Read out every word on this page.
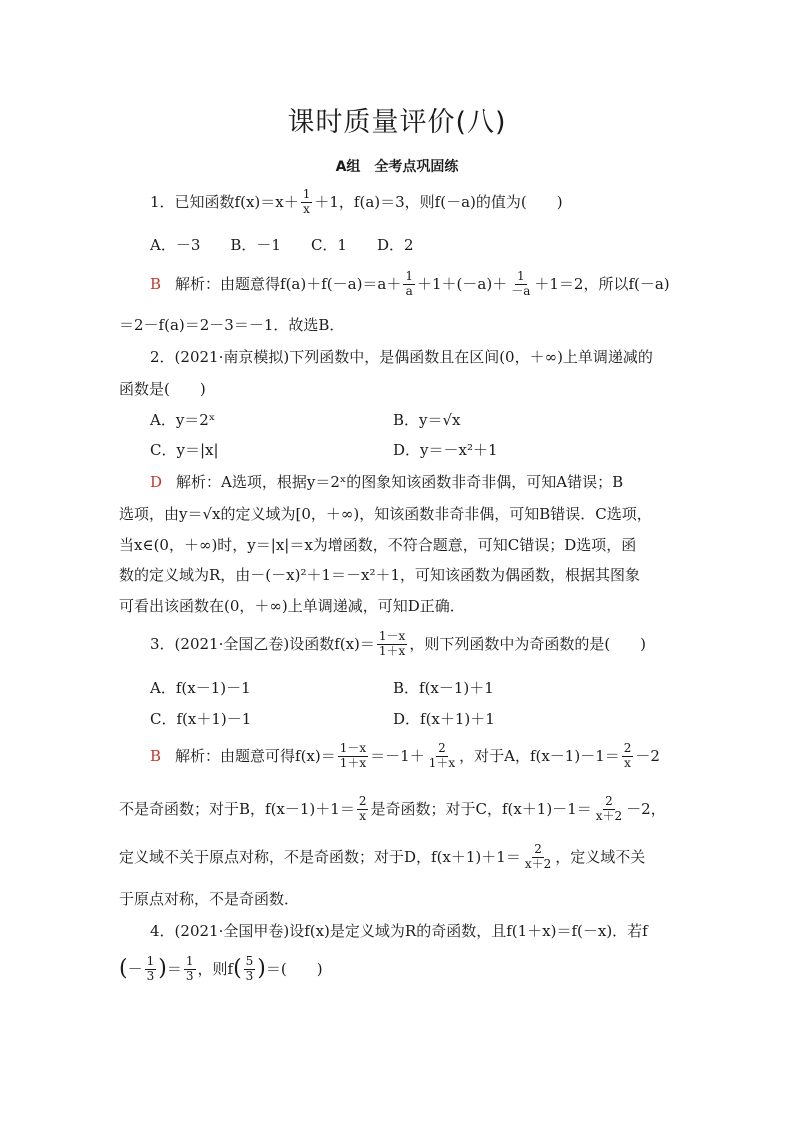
课时质量评价(八)
A组　全考点巩固练
1．已知函数$f(x)=x+ \frac{1}{x} +1$，f(a)＝3，则f(－a)的值为(　　)
A．－3　　B．－1　　C．1　　D．2
B 解析：由题意得$f(a)+f(-a)=a+ \frac{1}{a} +1+(-a)+ \frac{1}{-a} +1=2$，所以f(－a)
＝2－f(a)＝2－3＝－1．故选B．
2．(2021·南京模拟)下列函数中，是偶函数且在区间(0，＋∞)上单调递减的
函数是(　　)
A．y＝2ˣ	B．y＝√x
C．y＝|x|	D．y＝－x²＋1
D 解析：A选项，根据y＝2ˣ的图象知该函数非奇非偶，可知A错误；B
选项，由y＝√x的定义域为[0，＋∞)，知该函数非奇非偶，可知B错误．C选项，
当x∈(0，＋∞)时，y＝|x|＝x为增函数，不符合题意，可知C错误；D选项，函
数的定义域为R，由－(－x)²＋1＝－x²＋1，可知该函数为偶函数，根据其图象
可看出该函数在(0，＋∞)上单调递减，可知D正确．
3．(2021·全国乙卷)设函数$f(x)= \frac{1-x}{1+x}$ ，则下列函数中为奇函数的是(　　)
A．f(x－1)－1	B．f(x－1)＋1
C．f(x＋1)－1	D．f(x＋1)＋1
B 解析：由题意可得$f(x)= \frac{1-x}{1+x} =-1+ \frac{2}{1+x}$ ，对于A，$f(x-1)-1= \frac{2}{x} -2$
不是奇函数；对于B，$f(x-1)+1= \frac{2}{x}$ 是奇函数；对于C，$f(x+1)-1= \frac{2}{x+2} -2$，
定义域不关于原点对称，不是奇函数；对于D，$f(x+1)+1= \frac{2}{x+2}$ ，定义域不关
于原点对称，不是奇函数．
4．(2021·全国甲卷)设f(x)是定义域为R的奇函数，且f(1＋x)＝f(－x)．若f
( － $\frac{1}{3}$ ) ＝ $\frac{1}{3}$ ，则f ( $\frac{5}{3}$ ) ＝(　　)
